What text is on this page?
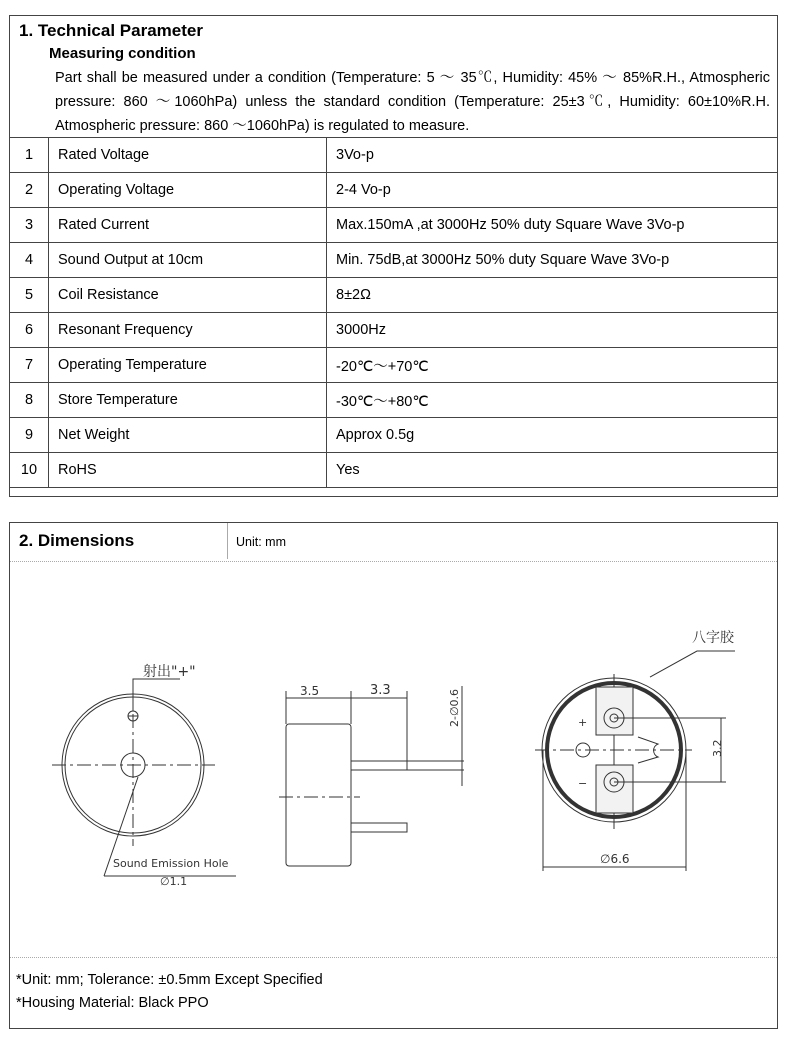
1. Technical Parameter
Measuring condition
Part shall be measured under a condition (Temperature: 5 ～ 35℃, Humidity: 45% ～ 85%R.H., Atmospheric pressure: 860 ～1060hPa) unless the standard condition (Temperature: 25±3℃, Humidity: 60±10%R.H. Atmospheric pressure: 860 ～1060hPa) is regulated to measure.
1	Rated Voltage	3Vo-p
2	Operating Voltage	2-4 Vo-p
3	Rated Current	Max.150mA ,at 3000Hz 50% duty Square Wave 3Vo-p
4	Sound Output at 10cm	Min. 75dB,at 3000Hz 50% duty Square Wave 3Vo-p
5	Coil Resistance	8±2Ω
6	Resonant Frequency	3000Hz
7	Operating Temperature	-20℃～+70℃
8	Store Temperature	-30℃～+80℃
9	Net Weight	Approx 0.5g
10	RoHS	Yes
2. Dimensions	Unit: mm
射出"+"
Sound Emission Hole
∅1.1
3.5	3.3	2-∅0.6
八字胶
3.2
∅6.6
+
−
*Unit: mm; Tolerance: ±0.5mm Except Specified
*Housing Material: Black PPO
